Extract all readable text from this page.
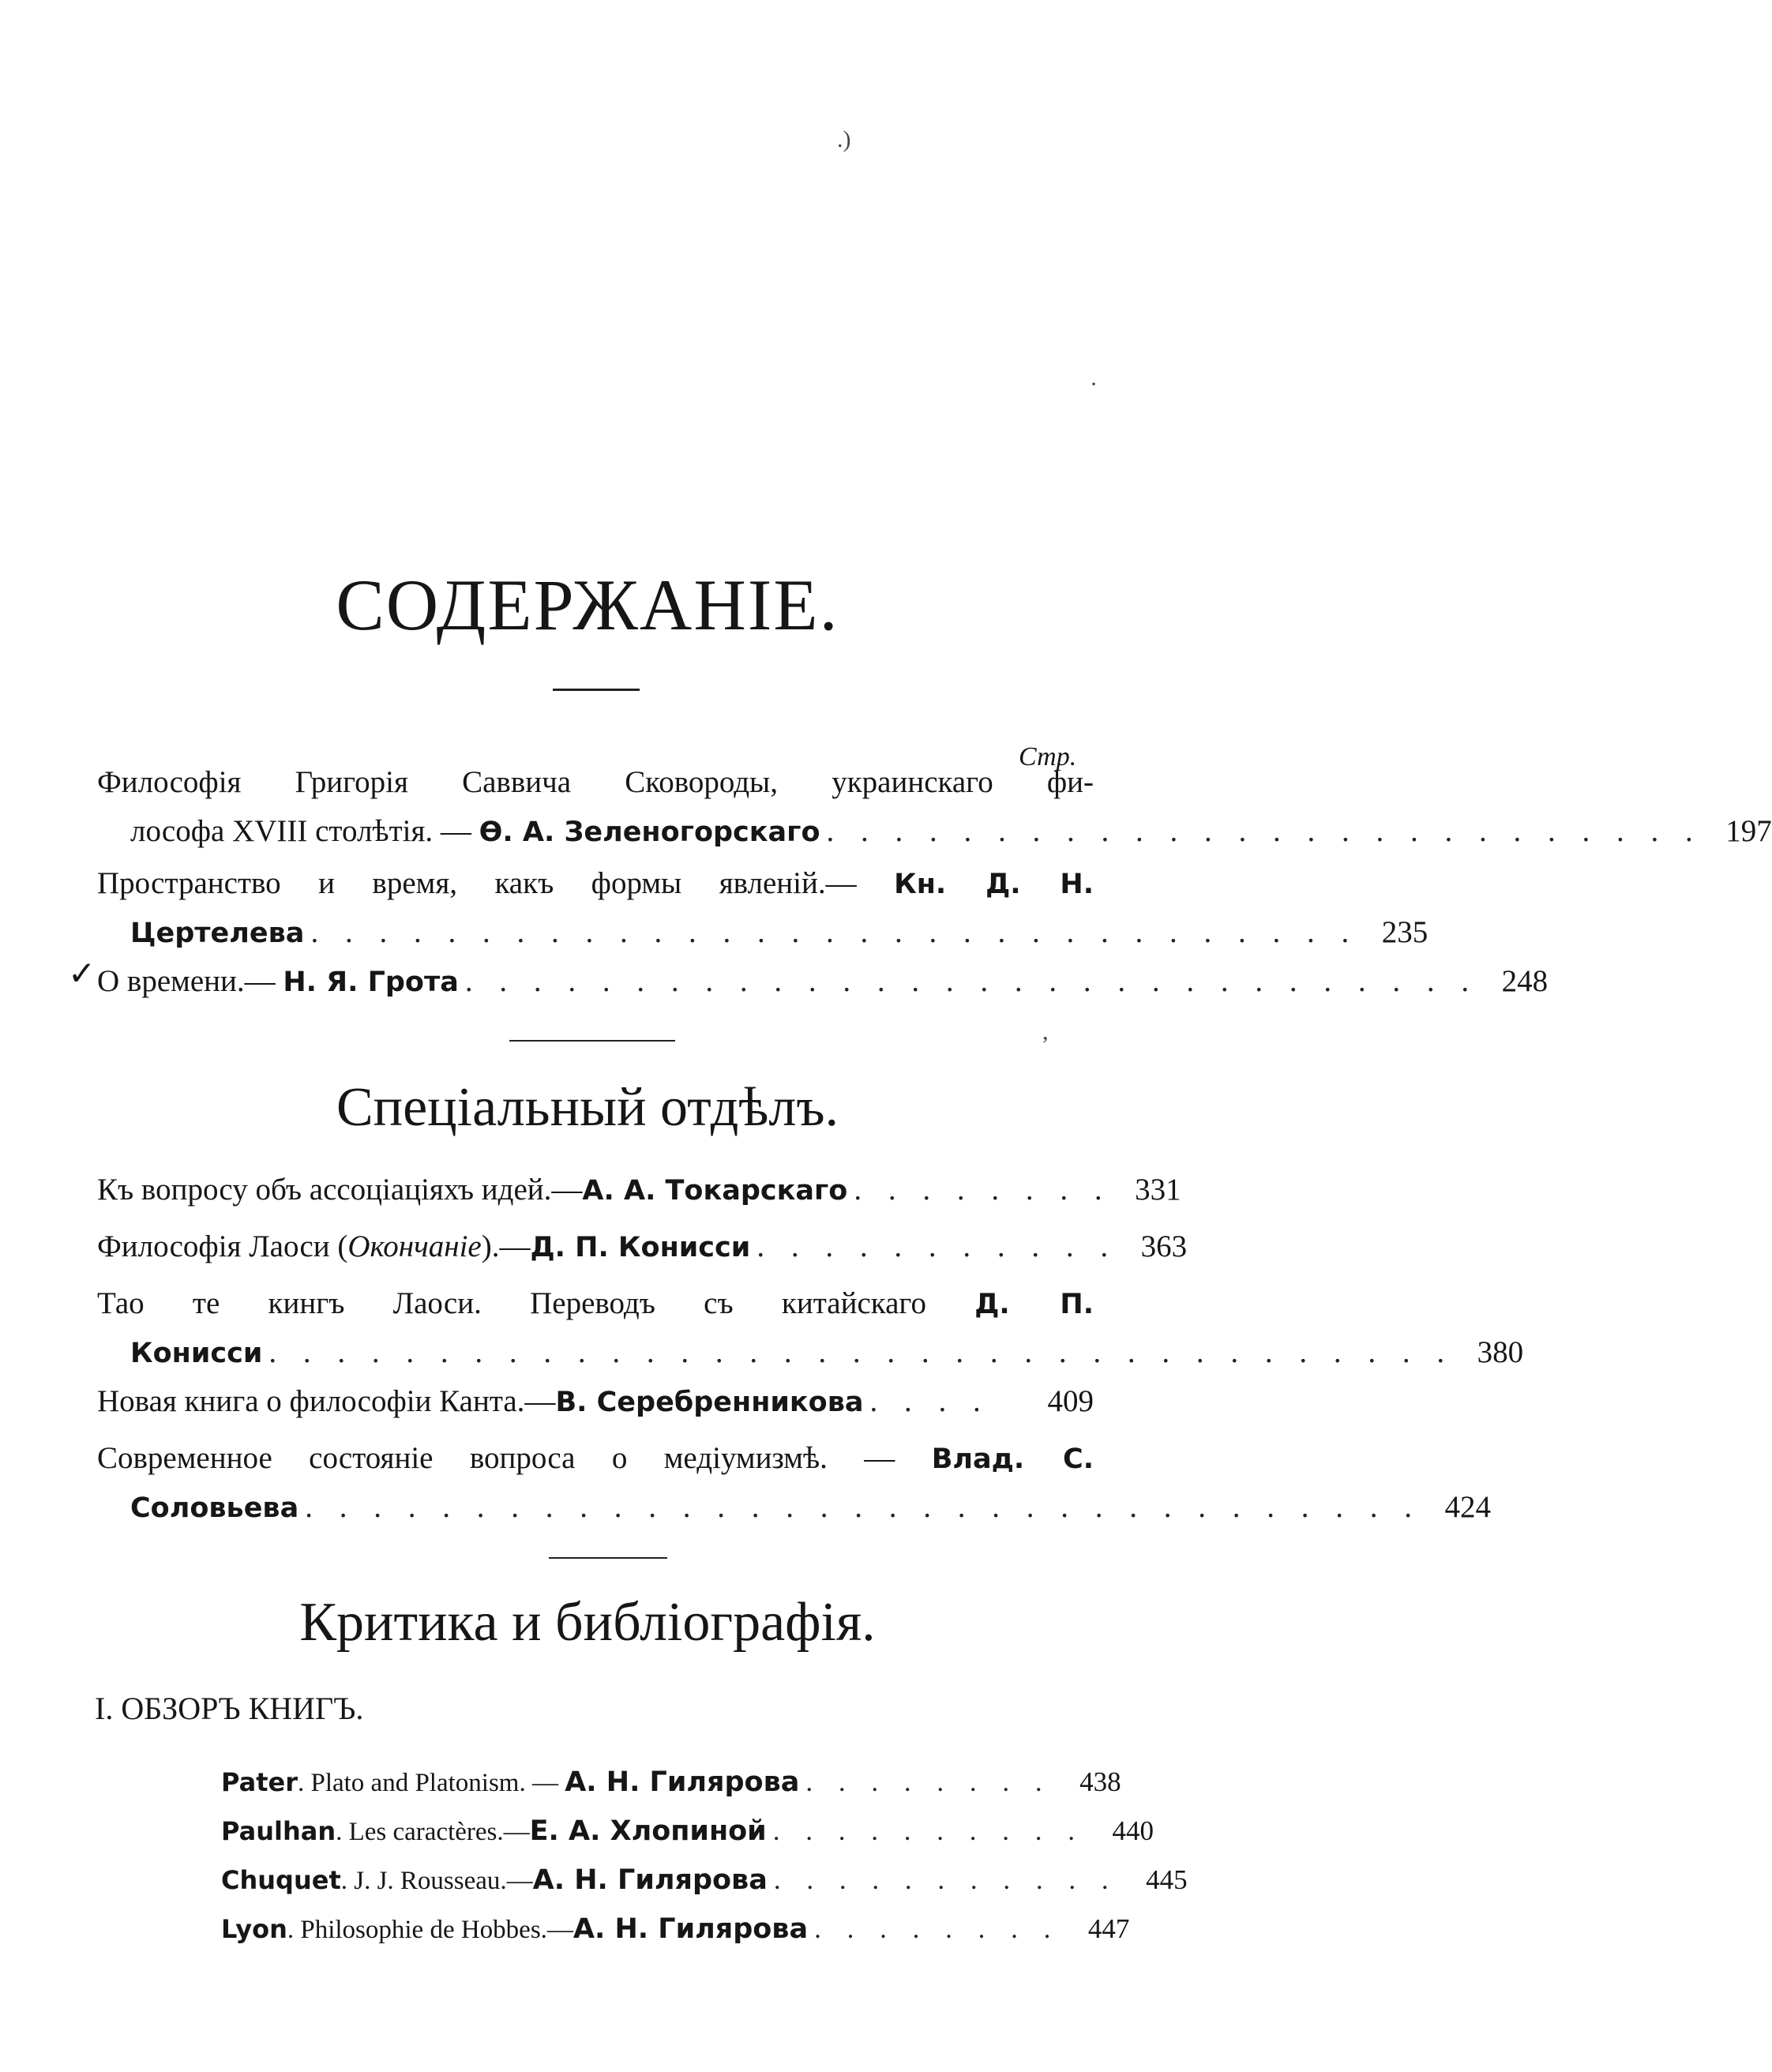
.)
·
,
СОДЕРЖАНІЕ.
Стр.
Философія Григорія Саввича Сковороды, украинскаго фи-
лософа XVIII столѣтія. — Ѳ. А. Зеленогорскаго . . . . . . . . . . . . . . . . . . . . . . . . . . 197
Пространство и время, какъ формы явленій.— Кн. Д. Н.
Цертелева . . . . . . . . . . . . . . . . . . . . . . . . . . . . . . . 235
✓ О времени.— Н. Я. Грота . . . . . . . . . . . . . . . . . . . . . . . . . . . . . . 248
Спеціальный отдѣлъ.
Къ вопросу объ ассоціаціяхъ идей.—А. А. Токарскаго . . . . . . . . 331
Философія Лаоси (Окончаніе).—Д. П. Конисси . . . . . . . . . . . 363
Тао те кингъ Лаоси. Переводъ съ китайскаго Д. П.
Конисси . . . . . . . . . . . . . . . . . . . . . . . . . . . . . . . . . . . 380
Новая книга о философіи Канта.—В. Серебренникова . . . .	409
Современное состояніе вопроса о медіумизмѣ. — Влад. С.
Соловьева . . . . . . . . . . . . . . . . . . . . . . . . . . . . . . . . . 424
Критика и библіографія.
I. ОБЗОРЪ КНИГЪ.
Pater. Plato and Platonism. — А. Н. Гилярова . . . . . . . .	438
Paulhan. Les caractères.—Е. А. Хлопиной . . . . . . . . . .	440
Chuquet. J. J. Rousseau.—А. Н. Гилярова . . . . . . . . . . .	445
Lyon. Philosophie de Hobbes.—А. Н. Гилярова . . . . . . . .	447
